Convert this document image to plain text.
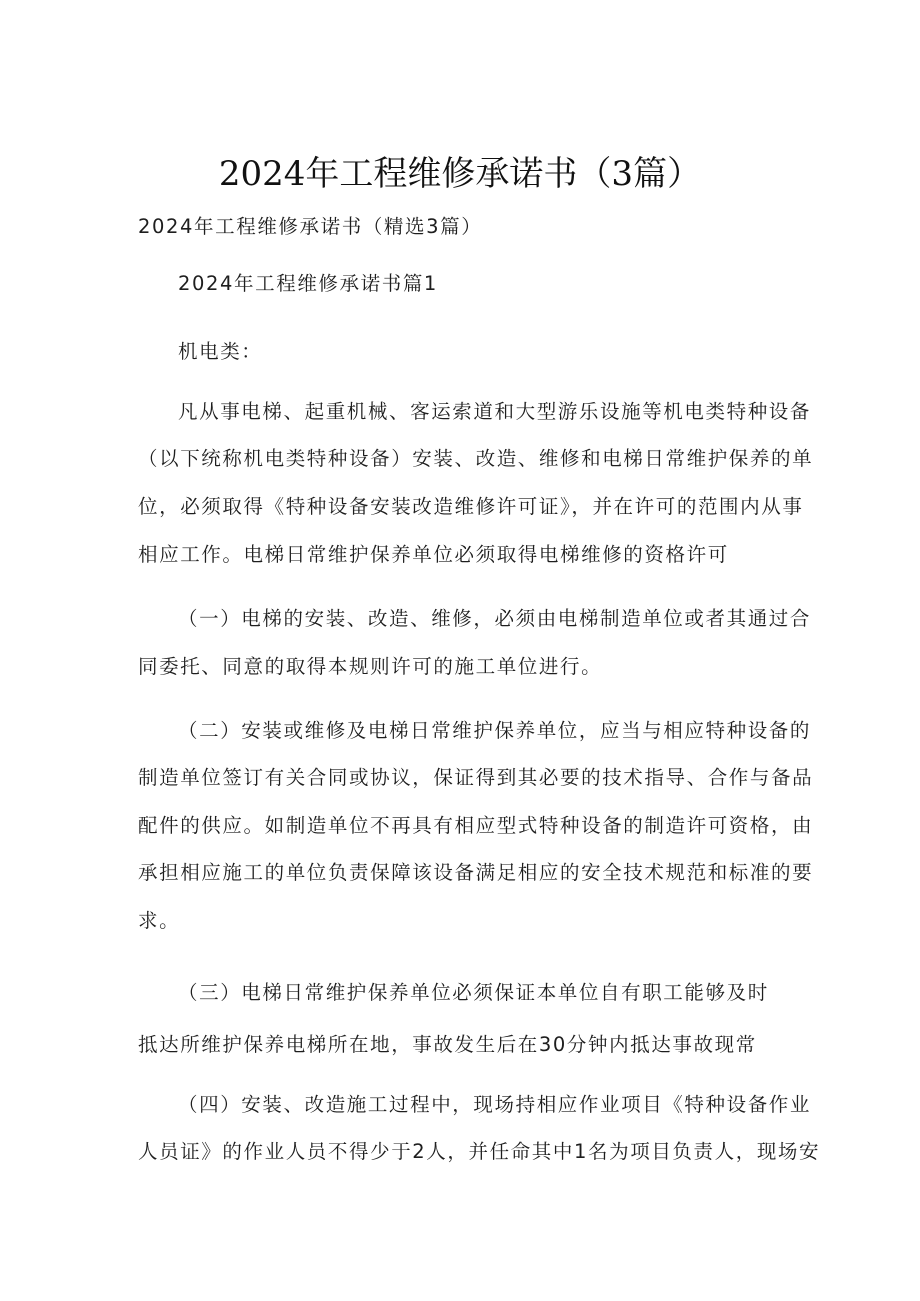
2024年工程维修承诺书（3篇）
2024年工程维修承诺书（精选3篇）
2024年工程维修承诺书篇1
机电类：
凡从事电梯、起重机械、客运索道和大型游乐设施等机电类特种设备
（以下统称机电类特种设备）安装、改造、维修和电梯日常维护保养的单
位，必须取得《特种设备安装改造维修许可证》，并在许可的范围内从事
相应工作。电梯日常维护保养单位必须取得电梯维修的资格许可
（一）电梯的安装、改造、维修，必须由电梯制造单位或者其通过合
同委托、同意的取得本规则许可的施工单位进行。
（二）安装或维修及电梯日常维护保养单位，应当与相应特种设备的
制造单位签订有关合同或协议，保证得到其必要的技术指导、合作与备品
配件的供应。如制造单位不再具有相应型式特种设备的制造许可资格，由
承担相应施工的单位负责保障该设备满足相应的安全技术规范和标准的要
求。
（三）电梯日常维护保养单位必须保证本单位自有职工能够及时
抵达所维护保养电梯所在地，事故发生后在30分钟内抵达事故现常
（四）安装、改造施工过程中，现场持相应作业项目《特种设备作业
人员证》的作业人员不得少于2人，并任命其中1名为项目负责人，现场安
